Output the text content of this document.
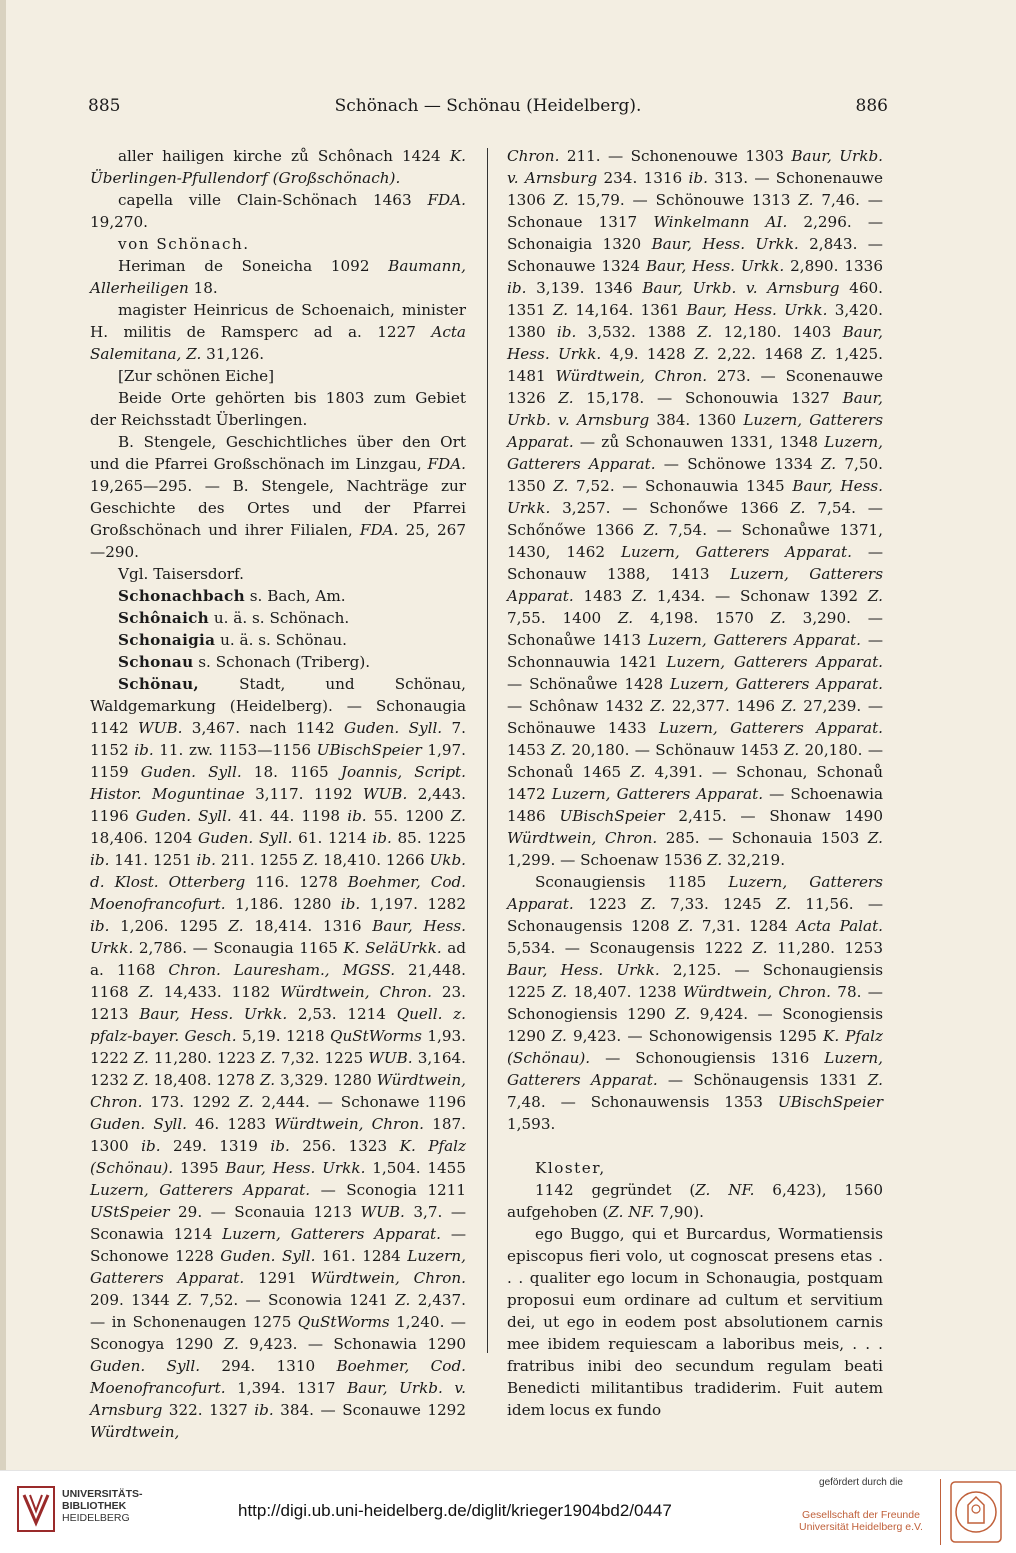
885	Schönach — Schönau (Heidelberg).	886

aller hailigen kirche zů Schônach 1424 K. Überlingen-Pfullendorf (Großschönach).

capella ville Clain-Schönach 1463 FDA. 19,270.

von Schönach.

Heriman de Soneicha 1092 Baumann, Allerheiligen 18.

magister Heinricus de Schoenaich, minister H. militis de Ramsperc ad a. 1227 Acta Salemitana, Z. 31,126.

[Zur schönen Eiche]

Beide Orte gehörten bis 1803 zum Gebiet der Reichsstadt Überlingen.

B. Stengele, Geschichtliches über den Ort und die Pfarrei Großschönach im Linzgau, FDA. 19,265—295. — B. Stengele, Nachträge zur Geschichte des Ortes und der Pfarrei Großschönach und ihrer Filialen, FDA. 25, 267—290.

Vgl. Taisersdorf.

Schonachbach s. Bach, Am.

Schônaich u. ä. s. Schönach.

Schonaigia u. ä. s. Schönau.

Schonau s. Schonach (Triberg).

Schönau, Stadt, und Schönau, Waldgemarkung (Heidelberg). — Schonaugia 1142 WUB. 3,467. nach 1142 Guden. Syll. 7. 1152 ib. 11. zw. 1153—1156 UBischSpeier 1,97. 1159 Guden. Syll. 18. 1165 Joannis, Script. Histor. Moguntinae 3,117. 1192 WUB. 2,443. 1196 Guden. Syll. 41. 44. 1198 ib. 55. 1200 Z. 18,406. 1204 Guden. Syll. 61. 1214 ib. 85. 1225 ib. 141. 1251 ib. 211. 1255 Z. 18,410. 1266 Ukb. d. Klost. Otterberg 116. 1278 Boehmer, Cod. Moenofrancofurt. 1,186. 1280 ib. 1,197. 1282 ib. 1,206. 1295 Z. 18,414. 1316 Baur, Hess. Urkk. 2,786. — Sconaugia 1165 K. SeläUrkk. ad a. 1168 Chron. Lauresham., MGSS. 21,448. 1168 Z. 14,433. 1182 Würdtwein, Chron. 23. 1213 Baur, Hess. Urkk. 2,53. 1214 Quell. z. pfalz-bayer. Gesch. 5,19. 1218 QuStWorms 1,93. 1222 Z. 11,280. 1223 Z. 7,32. 1225 WUB. 3,164. 1232 Z. 18,408. 1278 Z. 3,329. 1280 Würdtwein, Chron. 173. 1292 Z. 2,444. — Schonawe 1196 Guden. Syll. 46. 1283 Würdtwein, Chron. 187. 1300 ib. 249. 1319 ib. 256. 1323 K. Pfalz (Schönau). 1395 Baur, Hess. Urkk. 1,504. 1455 Luzern, Gatterers Apparat. — Sconogia 1211 UStSpeier 29. — Sconauia 1213 WUB. 3,7. — Sconawia 1214 Luzern, Gatterers Apparat. — Schonowe 1228 Guden. Syll. 161. 1284 Luzern, Gatterers Apparat. 1291 Würdtwein, Chron. 209. 1344 Z. 7,52. — Sconowia 1241 Z. 2,437. — in Schonenaugen 1275 QuStWorms 1,240. — Sconogya 1290 Z. 9,423. — Schonawia 1290 Guden. Syll. 294. 1310 Boehmer, Cod. Moenofrancofurt. 1,394. 1317 Baur, Urkb. v. Arnsburg 322. 1327 ib. 384. — Sconauwe 1292 Würdtwein,

Chron. 211. — Schonenouwe 1303 Baur, Urkb. v. Arnsburg 234. 1316 ib. 313. — Schonenauwe 1306 Z. 15,79. — Schönouwe 1313 Z. 7,46. — Schonaue 1317 Winkelmann AI. 2,296. — Schonaigia 1320 Baur, Hess. Urkk. 2,843. — Schonauwe 1324 Baur, Hess. Urkk. 2,890. 1336 ib. 3,139. 1346 Baur, Urkb. v. Arnsburg 460. 1351 Z. 14,164. 1361 Baur, Hess. Urkk. 3,420. 1380 ib. 3,532. 1388 Z. 12,180. 1403 Baur, Hess. Urkk. 4,9. 1428 Z. 2,22. 1468 Z. 1,425. 1481 Würdtwein, Chron. 273. — Sconenauwe 1326 Z. 15,178. — Schonouwia 1327 Baur, Urkb. v. Arnsburg 384. 1360 Luzern, Gatterers Apparat. — zů Schonauwen 1331, 1348 Luzern, Gatterers Apparat. — Schönowe 1334 Z. 7,50. 1350 Z. 7,52. — Schonauwia 1345 Baur, Hess. Urkk. 3,257. — Schonőwe 1366 Z. 7,54. — Schőnőwe 1366 Z. 7,54. — Schonaůwe 1371, 1430, 1462 Luzern, Gatterers Apparat. — Schonauw 1388, 1413 Luzern, Gatterers Apparat. 1483 Z. 1,434. — Schonaw 1392 Z. 7,55. 1400 Z. 4,198. 1570 Z. 3,290. — Schonaůwe 1413 Luzern, Gatterers Apparat. — Schonnauwia 1421 Luzern, Gatterers Apparat. — Schönaůwe 1428 Luzern, Gatterers Apparat. — Schônaw 1432 Z. 22,377. 1496 Z. 27,239. — Schönauwe 1433 Luzern, Gatterers Apparat. 1453 Z. 20,180. — Schönauw 1453 Z. 20,180. — Schonaů 1465 Z. 4,391. — Schonau, Schonaů 1472 Luzern, Gatterers Apparat. — Schoenawia 1486 UBischSpeier 2,415. — Shonaw 1490 Würdtwein, Chron. 285. — Schonauia 1503 Z. 1,299. — Schoenaw 1536 Z. 32,219.

Sconaugiensis 1185 Luzern, Gatterers Apparat. 1223 Z. 7,33. 1245 Z. 11,56. — Schonaugensis 1208 Z. 7,31. 1284 Acta Palat. 5,534. — Sconaugensis 1222 Z. 11,280. 1253 Baur, Hess. Urkk. 2,125. — Schonaugiensis 1225 Z. 18,407. 1238 Würdtwein, Chron. 78. — Schonogiensis 1290 Z. 9,424. — Sconogiensis 1290 Z. 9,423. — Schonowigensis 1295 K. Pfalz (Schönau). — Schonougiensis 1316 Luzern, Gatterers Apparat. — Schönaugensis 1331 Z. 7,48. — Schonauwensis 1353 UBischSpeier 1,593.

Kloster,

1142 gegründet (Z. NF. 6,423), 1560 aufgehoben (Z. NF. 7,90).

ego Buggo, qui et Burcardus, Wormatiensis episcopus fieri volo, ut cognoscat presens etas . . . qualiter ego locum in Schonaugia, postquam proposui eum ordinare ad cultum et servitium dei, ut ego in eodem post absolutionem carnis mee ibidem requiescam a laboribus meis, . . . fratribus inibi deo secundum regulam beati Benedicti militantibus tradiderim. Fuit autem idem locus ex fundo

UNIVERSITÄTS-
BIBLIOTHEK
HEIDELBERG	http://digi.ub.uni-heidelberg.de/diglit/krieger1904bd2/0447
gefördert durch die
Gesellschaft der Freunde
Universität Heidelberg e.V.
